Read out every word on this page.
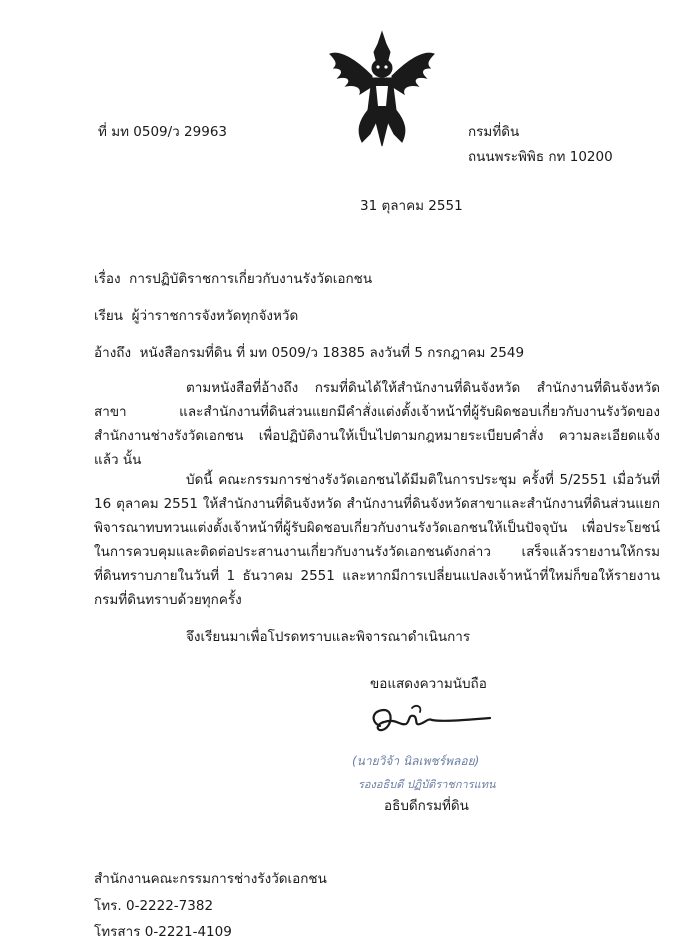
ที่ มท 0509/ว 29963	กรมที่ดิน
ถนนพระพิพิธ กท 10200
31 ตุลาคม 2551
เรื่อง การปฏิบัติราชการเกี่ยวกับงานรังวัดเอกชน
เรียน ผู้ว่าราชการจังหวัดทุกจังหวัด
อ้างถึง หนังสือกรมที่ดิน ที่ มท 0509/ว 18385 ลงวันที่ 5 กรกฎาคม 2549
ตามหนังสือที่อ้างถึง กรมที่ดินได้ให้สำนักงานที่ดินจังหวัด สำนักงานที่ดินจังหวัดสาขา และสำนักงานที่ดินส่วนแยกมีคำสั่งแต่งตั้งเจ้าหน้าที่ผู้รับผิดชอบเกี่ยวกับงานรังวัดของสำนักงานช่างรังวัดเอกชน เพื่อปฏิบัติงานให้เป็นไปตามกฎหมายระเบียบคำสั่ง ความละเอียดแจ้งแล้ว นั้น
บัดนี้ คณะกรรมการช่างรังวัดเอกชนได้มีมติในการประชุม ครั้งที่ 5/2551 เมื่อวันที่ 16 ตุลาคม 2551 ให้สำนักงานที่ดินจังหวัด สำนักงานที่ดินจังหวัดสาขาและสำนักงานที่ดินส่วนแยก พิจารณาทบทวนแต่งตั้งเจ้าหน้าที่ผู้รับผิดชอบเกี่ยวกับงานรังวัดเอกชนให้เป็นปัจจุบัน เพื่อประโยชน์ในการควบคุมและติดต่อประสานงานเกี่ยวกับงานรังวัดเอกชนดังกล่าว เสร็จแล้วรายงานให้กรมที่ดินทราบภายในวันที่ 1 ธันวาคม 2551 และหากมีการเปลี่ยนแปลงเจ้าหน้าที่ใหม่ก็ขอให้รายงานกรมที่ดินทราบด้วยทุกครั้ง
จึงเรียนมาเพื่อโปรดทราบและพิจารณาดำเนินการ
ขอแสดงความนับถือ
(นายวิจ้า นิลเพชร์พลอย)
รองอธิบดี ปฏิบัติราชการแทน
อธิบดีกรมที่ดิน
สำนักงานคณะกรรมการช่างรังวัดเอกชน
โทร. 0-2222-7382
โทรสาร 0-2221-4109
